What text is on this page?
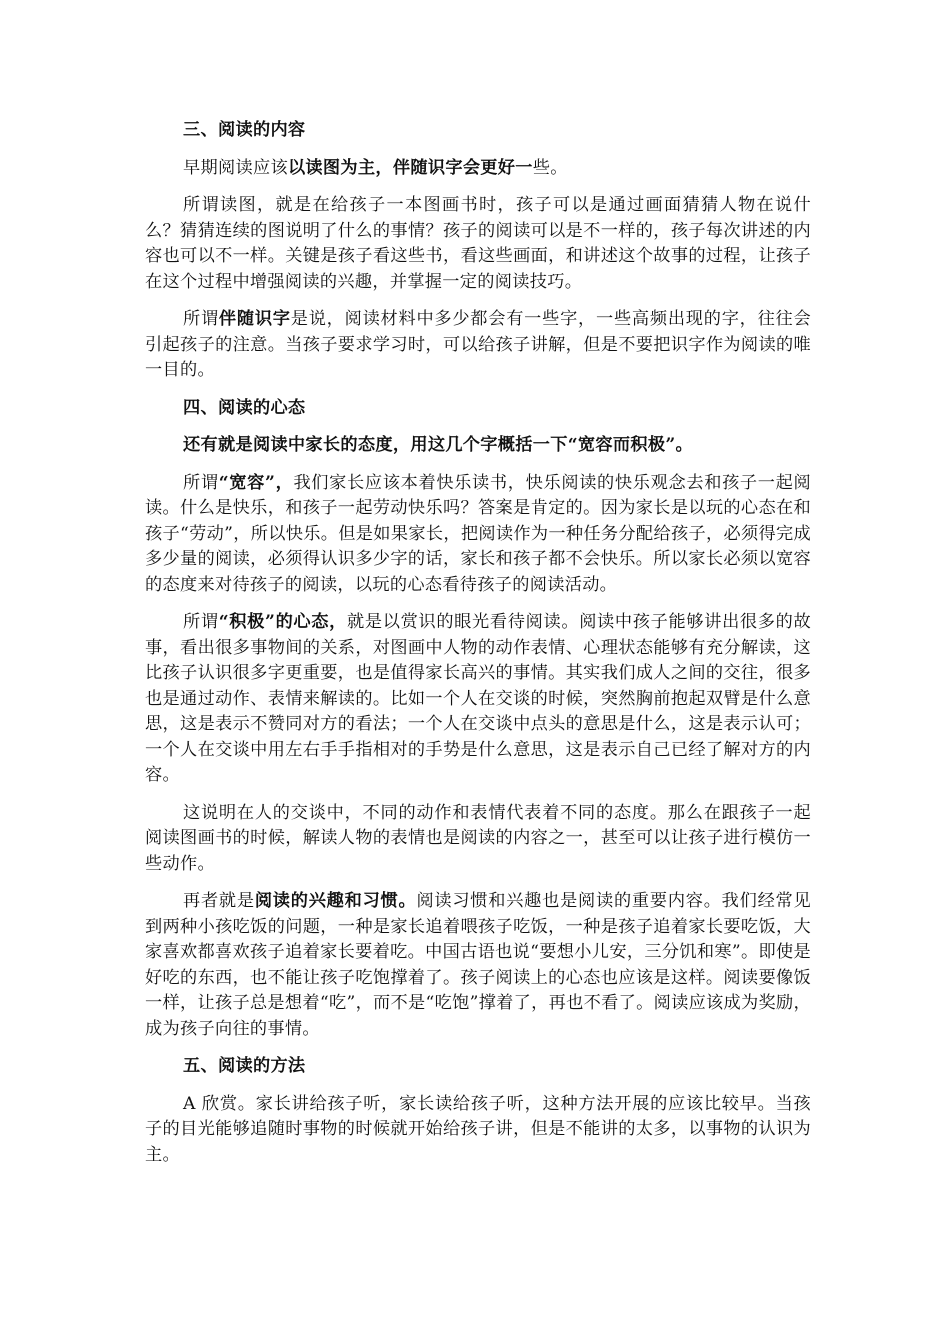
三、阅读的内容

早期阅读应该以读图为主，伴随识字会更好一些。

所谓读图，就是在给孩子一本图画书时，孩子可以是通过画面猜猜人物在说什么？猜猜连续的图说明了什么的事情？孩子的阅读可以是不一样的，孩子每次讲述的内容也可以不一样。关键是孩子看这些书，看这些画面，和讲述这个故事的过程，让孩子在这个过程中增强阅读的兴趣，并掌握一定的阅读技巧。

所谓伴随识字是说，阅读材料中多少都会有一些字，一些高频出现的字，往往会引起孩子的注意。当孩子要求学习时，可以给孩子讲解，但是不要把识字作为阅读的唯一目的。

四、阅读的心态

还有就是阅读中家长的态度，用这几个字概括一下“宽容而积极”。

所谓“宽容”，我们家长应该本着快乐读书，快乐阅读的快乐观念去和孩子一起阅读。什么是快乐，和孩子一起劳动快乐吗？答案是肯定的。因为家长是以玩的心态在和孩子“劳动”，所以快乐。但是如果家长，把阅读作为一种任务分配给孩子，必须得完成多少量的阅读，必须得认识多少字的话，家长和孩子都不会快乐。所以家长必须以宽容的态度来对待孩子的阅读，以玩的心态看待孩子的阅读活动。

所谓“积极”的心态，就是以赏识的眼光看待阅读。阅读中孩子能够讲出很多的故事，看出很多事物间的关系，对图画中人物的动作表情、心理状态能够有充分解读，这比孩子认识很多字更重要，也是值得家长高兴的事情。其实我们成人之间的交往，很多也是通过动作、表情来解读的。比如一个人在交谈的时候，突然胸前抱起双臂是什么意思，这是表示不赞同对方的看法；一个人在交谈中点头的意思是什么，这是表示认可；一个人在交谈中用左右手手指相对的手势是什么意思，这是表示自己已经了解对方的内容。

这说明在人的交谈中，不同的动作和表情代表着不同的态度。那么在跟孩子一起阅读图画书的时候，解读人物的表情也是阅读的内容之一，甚至可以让孩子进行模仿一些动作。

再者就是阅读的兴趣和习惯。阅读习惯和兴趣也是阅读的重要内容。我们经常见到两种小孩吃饭的问题，一种是家长追着喂孩子吃饭，一种是孩子追着家长要吃饭，大家喜欢都喜欢孩子追着家长要着吃。中国古语也说“要想小儿安，三分饥和寒”。即使是好吃的东西，也不能让孩子吃饱撑着了。孩子阅读上的心态也应该是这样。阅读要像饭一样，让孩子总是想着“吃”，而不是“吃饱”撑着了，再也不看了。阅读应该成为奖励，成为孩子向往的事情。

五、阅读的方法

A 欣赏。家长讲给孩子听，家长读给孩子听，这种方法开展的应该比较早。当孩子的目光能够追随时事物的时候就开始给孩子讲，但是不能讲的太多，以事物的认识为主。
